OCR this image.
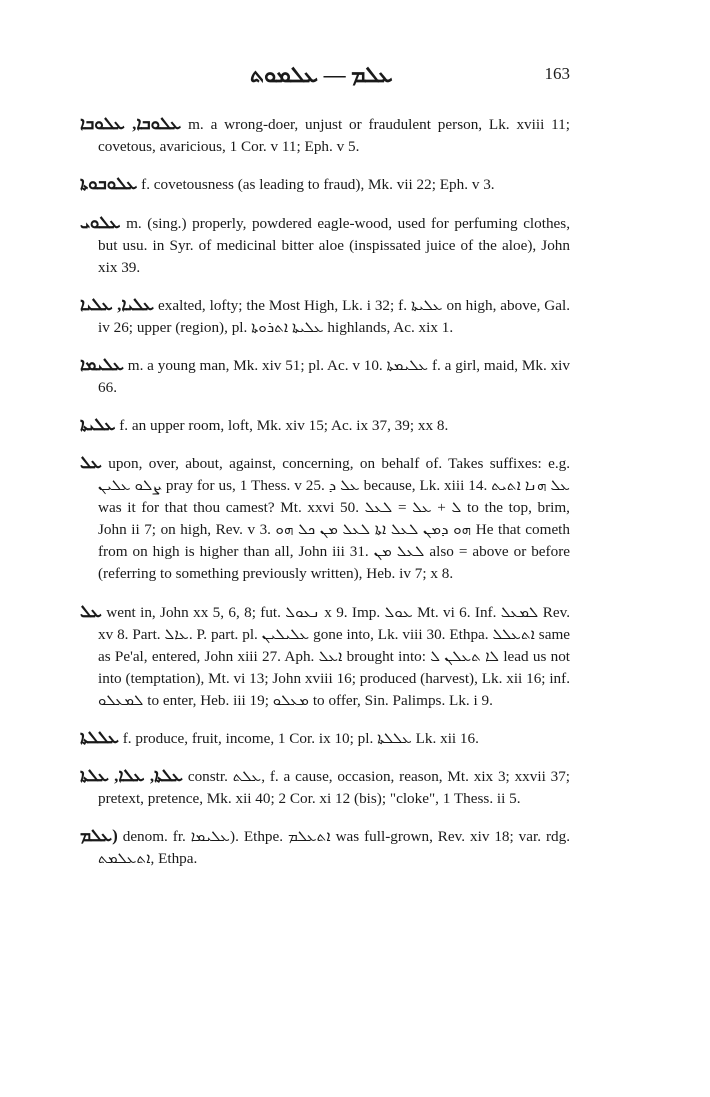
ܥܠܡ — ܥܠܡܘܬ	163

ܥܠܘܒܐ, ܥܠܘܒܐ m. a wrong-doer, unjust or fraudulent person, Lk. xviii 11; covetous, avaricious, 1 Cor. v 11; Eph. v 5.

ܥܠܘܒܘܬܐ f. covetousness (as leading to fraud), Mk. vii 22; Eph. v 3.

ܥܠܘܝ m. (sing.) properly, powdered eagle-wood, used for perfuming clothes, but usu. in Syr. of medicinal bitter aloe (inspissated juice of the aloe), John xix 39.

ܥܠܝܐ, ܥܠܝܐ exalted, lofty; the Most High, Lk. i 32; f. ܥܠܝܬܐ on high, above, Gal. iv 26; upper (region), pl. ܥܠܝܬܐ ܐܬܪܘܬܐ highlands, Ac. xix 1.

ܥܠܝܡܐ m. a young man, Mk. xiv 51; pl. Ac. v 10. ܥܠܝܡܬܐ f. a girl, maid, Mk. xiv 66.

ܥܠܝܬܐ f. an upper room, loft, Mk. xiv 15; Ac. ix 37, 39; xx 8.

ܥܠ upon, over, about, against, concerning, on behalf of. Takes suffixes: e.g. ܨܠܘ ܥܠܝܢ pray for us, 1 Thess. v 25. ܥܠ ܕ because, Lk. xiii 14. ܥܠ ܗܢܐ ܐܬܝܬ was it for that thou camest? Mt. xxvi 50. ܠ + ܥܠ = ܠܥܠ to the top, brim, John ii 7; on high, Rev. v 3. ܗܘ ܕܡܢ ܠܥܠ ܐܬܐ ܠܥܠ ܡܢ ܟܠ ܗܘ He that cometh from on high is higher than all, John iii 31. ܠܥܠ ܡܢ also = above or before (referring to something previously written), Heb. iv 7; x 8.

ܥܠ went in, John xx 5, 6, 8; fut. ܢܥܘܠ x 9. Imp. ܥܘܠ Mt. vi 6. Inf. ܠܡܥܠ Rev. xv 8. Part. ܥܐܠ. P. part. pl. ܥܠܝܠܝܢ gone into, Lk. viii 30. Ethpa. ܐܬܥܠܠ same as Pe'al, entered, John xiii 27. Aph. ܐܥܠ brought into: ܠܐ ܬܥܠܢ ܠ lead us not into (temptation), Mt. vi 13; John xviii 16; produced (harvest), Lk. xii 16; inf. ܠܡܥܠܘ to enter, Heb. iii 19; ܡܥܠܘ to offer, Sin. Palimps. Lk. i 9.

ܥܠܠܬܐ f. produce, fruit, income, 1 Cor. ix 10; pl. ܥܠܠܬܐ Lk. xii 16.

ܥܠܬܐ, ܥܠܐ, ܥܠܬܐ constr. ܥܠܬ, f. a cause, occasion, reason, Mt. xix 3; xxvii 37; pretext, pretence, Mk. xii 40; 2 Cor. xi 12 (bis); "cloke", 1 Thess. ii 5.

(ܥܠܡ denom. fr. ܥܠܝܡܐ). Ethpe. ܐܬܥܠܡ was full-grown, Rev. xiv 18; var. rdg. ܐܬܥܠܡܬ, Ethpa.
